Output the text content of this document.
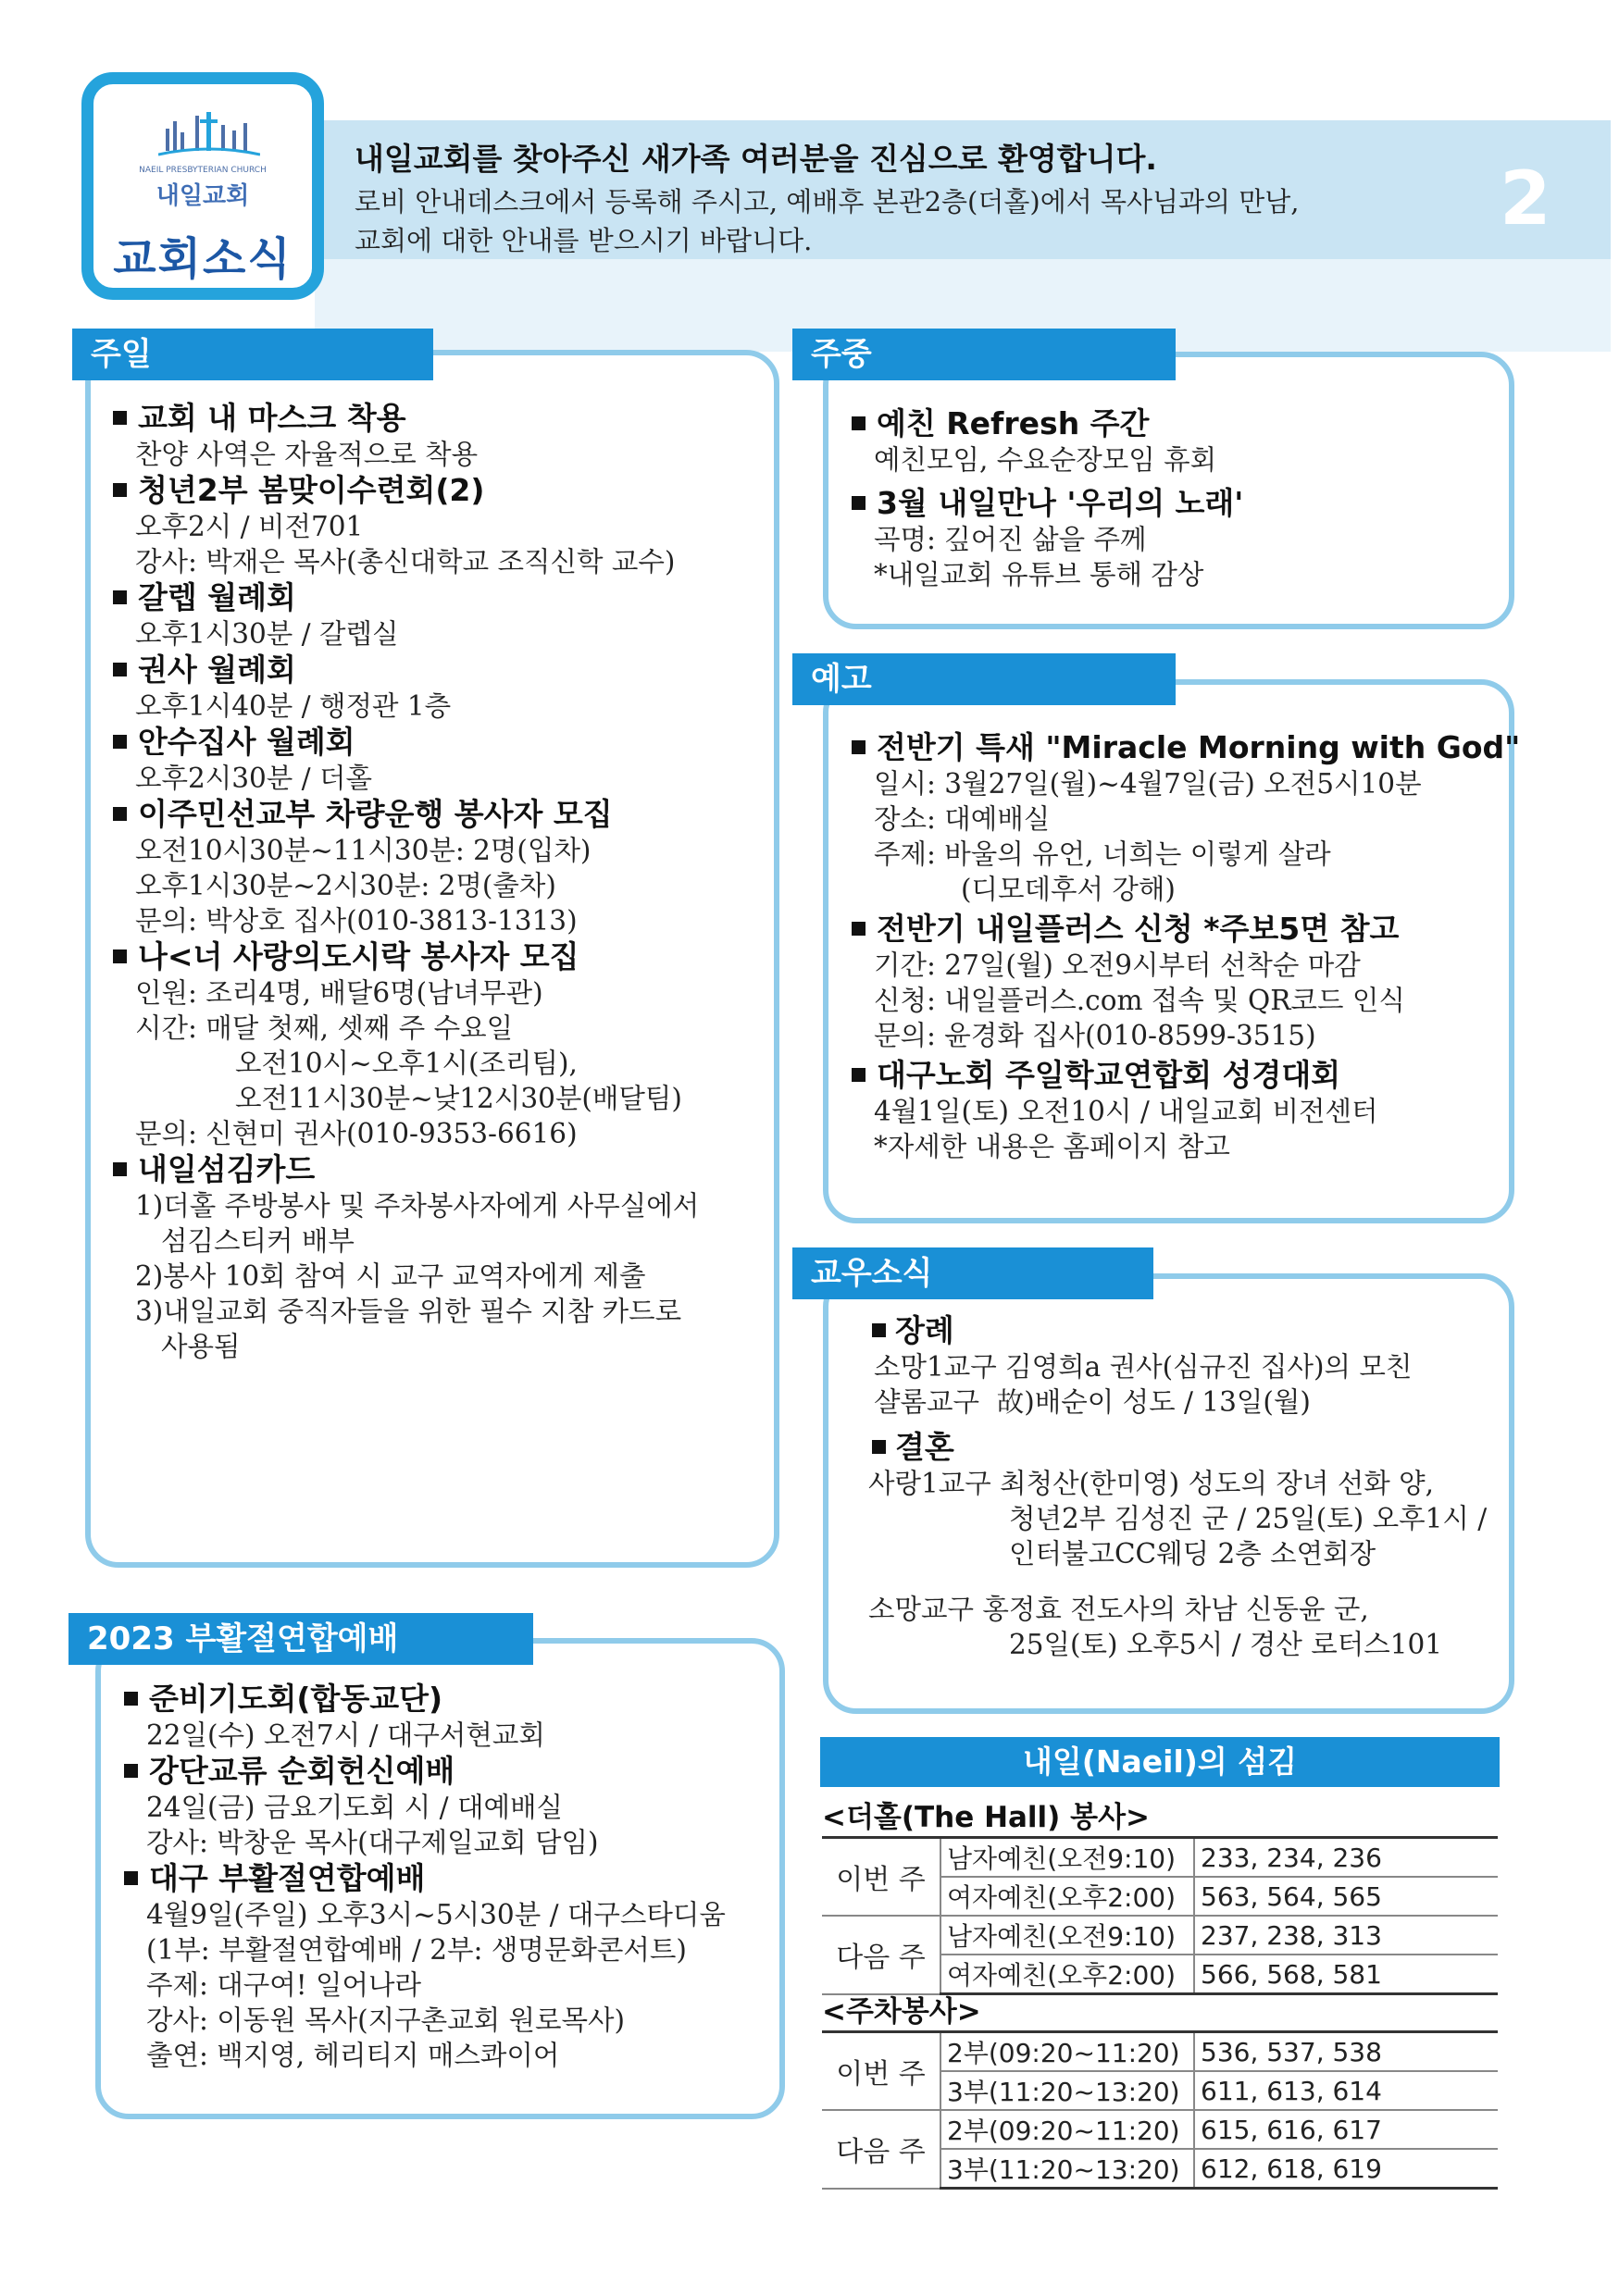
NAEIL PRESBYTERIAN CHURCH
내일교회
교회소식
내일교회를 찾아주신 새가족 여러분을 진심으로 환영합니다.
로비 안내데스크에서 등록해 주시고, 예배후 본관2층(더홀)에서 목사님과의 만남,
교회에 대한 안내를 받으시기 바랍니다.	2
주일
교회 내 마스크 착용
찬양 사역은 자율적으로 착용
청년2부 봄맞이수련회(2)
오후2시 / 비전701
강사: 박재은 목사(총신대학교 조직신학 교수)
갈렙 월례회
오후1시30분 / 갈렙실
권사 월례회
오후1시40분 / 행정관 1층
안수집사 월례회
오후2시30분 / 더홀
이주민선교부 차량운행 봉사자 모집
오전10시30분~11시30분: 2명(입차)
오후1시30분~2시30분: 2명(출차)
문의: 박상호 집사(010-3813-1313)
나<너 사랑의도시락 봉사자 모집
인원: 조리4명, 배달6명(남녀무관)
시간: 매달 첫째, 셋째 주 수요일
오전10시~오후1시(조리팀),
오전11시30분~낮12시30분(배달팀)
문의: 신현미 권사(010-9353-6616)
내일섬김카드
1)더홀 주방봉사 및 주차봉사자에게 사무실에서
섬김스티커 배부
2)봉사 10회 참여 시 교구 교역자에게 제출
3)내일교회 중직자들을 위한 필수 지참 카드로
사용됨
주중
예친 Refresh 주간
예친모임, 수요순장모임 휴회
3월 내일만나 '우리의 노래'
곡명: 깊어진 삶을 주께
*내일교회 유튜브 통해 감상
예고
전반기 특새 "Miracle Morning with God"
일시: 3월27일(월)~4월7일(금) 오전5시10분
장소: 대예배실
주제: 바울의 유언, 너희는 이렇게 살라
(디모데후서 강해)
전반기 내일플러스 신청 *주보5면 참고
기간: 27일(월) 오전9시부터 선착순 마감
신청: 내일플러스.com 접속 및 QR코드 인식
문의: 윤경화 집사(010-8599-3515)
대구노회 주일학교연합회 성경대회
4월1일(토) 오전10시 / 내일교회 비전센터
*자세한 내용은 홈페이지 참고
교우소식
장례
소망1교구 김영희a 권사(심규진 집사)의 모친
샬롬교구  故)배순이 성도 / 13일(월)
결혼
사랑1교구 최청산(한미영) 성도의 장녀 선화 양,
청년2부 김성진 군 / 25일(토) 오후1시 /
인터불고CC웨딩 2층 소연회장
소망교구 홍정효 전도사의 차남 신동윤 군,
25일(토) 오후5시 / 경산 로터스101
2023 부활절연합예배
준비기도회(합동교단)
22일(수) 오전7시 / 대구서현교회
강단교류 순회헌신예배
24일(금) 금요기도회 시 / 대예배실
강사: 박창운 목사(대구제일교회 담임)
대구 부활절연합예배
4월9일(주일) 오후3시~5시30분 / 대구스타디움
(1부: 부활절연합예배 / 2부: 생명문화콘서트)
주제: 대구여! 일어나라
강사: 이동원 목사(지구촌교회 원로목사)
출연: 백지영, 헤리티지 매스콰이어
내일(Naeil)의 섬김
<더홀(The Hall) 봉사>
이번 주	남자예친(오전9:10)	233, 234, 236
	여자예친(오후2:00)	563, 564, 565
다음 주	남자예친(오전9:10)	237, 238, 313
	여자예친(오후2:00)	566, 568, 581
<주차봉사>
이번 주	2부(09:20~11:20)	536, 537, 538
	3부(11:20~13:20)	611, 613, 614
다음 주	2부(09:20~11:20)	615, 616, 617
	3부(11:20~13:20)	612, 618, 619
